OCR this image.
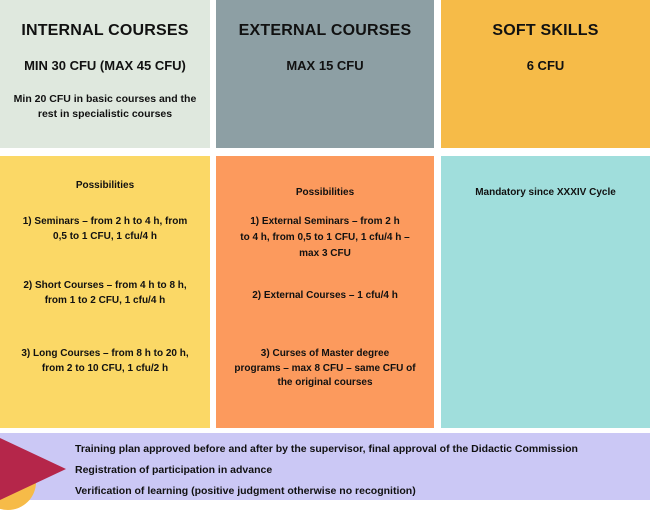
INTERNAL COURSES
MIN 30 CFU (MAX 45 CFU)
Min 20 CFU in basic courses and the
rest in specialistic courses
EXTERNAL COURSES
MAX 15 CFU
SOFT SKILLS
6 CFU
Possibilities
1) Seminars – from 2 h to 4 h, from
0,5 to 1 CFU, 1 cfu/4 h
2) Short Courses – from 4 h to 8 h,
from 1 to 2 CFU, 1 cfu/4 h
3) Long Courses – from 8 h to 20 h,
from 2 to 10 CFU, 1 cfu/2 h
Possibilities
1) External Seminars – from 2 h
to 4 h, from 0,5 to 1 CFU, 1 cfu/4 h –
max 3 CFU
2) External Courses – 1 cfu/4 h
3) Curses of Master degree
programs – max 8 CFU – same CFU of
the original courses
Mandatory since XXXIV Cycle
Training plan approved before and after by the supervisor, final approval of the Didactic Commission
Registration of participation in advance
Verification of learning (positive judgment otherwise no recognition)
